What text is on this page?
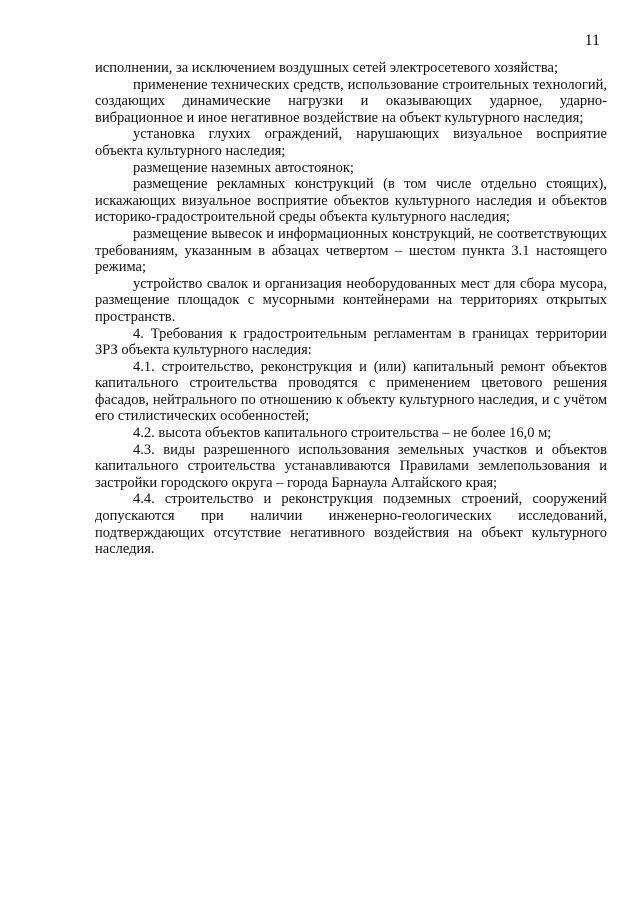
11

исполнении, за исключением воздушных сетей электросетевого хозяйства;

применение технических средств, использование строительных технологий, создающих динамические нагрузки и оказывающих ударное, ударно-вибрационное и иное негативное воздействие на объект культурного наследия;

установка глухих ограждений, нарушающих визуальное восприятие объекта культурного наследия;

размещение наземных автостоянок;

размещение рекламных конструкций (в том числе отдельно стоящих), искажающих визуальное восприятие объектов культурного наследия и объектов историко-градостроительной среды объекта культурного наследия;

размещение вывесок и информационных конструкций, не соответствующих требованиям, указанным в абзацах четвертом – шестом пункта 3.1 настоящего режима;

устройство свалок и организация необорудованных мест для сбора мусора, размещение площадок с мусорными контейнерами на территориях открытых пространств.

4. Требования к градостроительным регламентам в границах территории ЗРЗ объекта культурного наследия:

4.1. строительство, реконструкция и (или) капитальный ремонт объектов капитального строительства проводятся с применением цветового решения фасадов, нейтрального по отношению к объекту культурного наследия, и с учётом его стилистических особенностей;

4.2. высота объектов капитального строительства – не более 16,0 м;

4.3. виды разрешенного использования земельных участков и объектов капитального строительства устанавливаются Правилами землепользования и застройки городского округа – города Барнаула Алтайского края;

4.4. строительство и реконструкция подземных строений, сооружений допускаются при наличии инженерно-геологических исследований, подтверждающих отсутствие негативного воздействия на объект культурного наследия.
